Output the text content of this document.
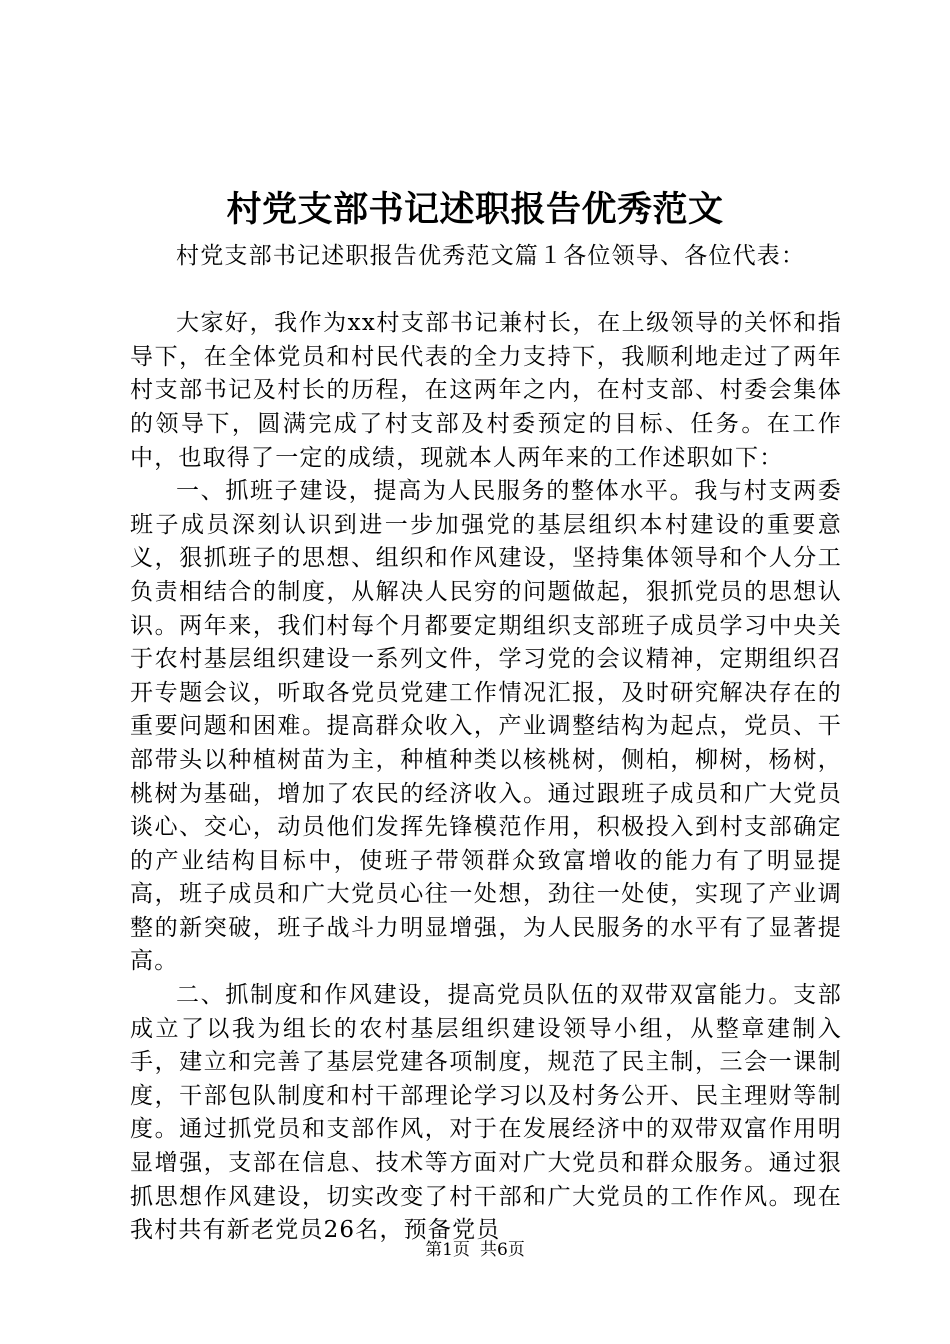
村党支部书记述职报告优秀范文

村党支部书记述职报告优秀范文篇１各位领导、各位代表：

大家好，我作为xx村支部书记兼村长，在上级领导的关怀和指导下，在全体党员和村民代表的全力支持下，我顺利地走过了两年村支部书记及村长的历程，在这两年之内，在村支部、村委会集体的领导下，圆满完成了村支部及村委预定的目标、任务。在工作中，也取得了一定的成绩，现就本人两年来的工作述职如下：

一、抓班子建设，提高为人民服务的整体水平。我与村支两委班子成员深刻认识到进一步加强党的基层组织本村建设的重要意义，狠抓班子的思想、组织和作风建设，坚持集体领导和个人分工负责相结合的制度，从解决人民穷的问题做起，狠抓党员的思想认识。两年来，我们村每个月都要定期组织支部班子成员学习中央关于农村基层组织建设一系列文件，学习党的会议精神，定期组织召开专题会议，听取各党员党建工作情况汇报，及时研究解决存在的重要问题和困难。提高群众收入，产业调整结构为起点，党员、干部带头以种植树苗为主，种植种类以核桃树，侧柏，柳树，杨树，桃树为基础，增加了农民的经济收入。通过跟班子成员和广大党员谈心、交心，动员他们发挥先锋模范作用，积极投入到村支部确定的产业结构目标中，使班子带领群众致富增收的能力有了明显提高，班子成员和广大党员心往一处想，劲往一处使，实现了产业调整的新突破，班子战斗力明显增强，为人民服务的水平有了显著提高。

二、抓制度和作风建设，提高党员队伍的双带双富能力。支部成立了以我为组长的农村基层组织建设领导小组，从整章建制入手，建立和完善了基层党建各项制度，规范了民主制，三会一课制度，干部包队制度和村干部理论学习以及村务公开、民主理财等制度。通过抓党员和支部作风，对于在发展经济中的双带双富作用明显增强，支部在信息、技术等方面对广大党员和群众服务。通过狠抓思想作风建设，切实改变了村干部和广大党员的工作作风。现在我村共有新老党员26名，预备党员

第1页 共6页
